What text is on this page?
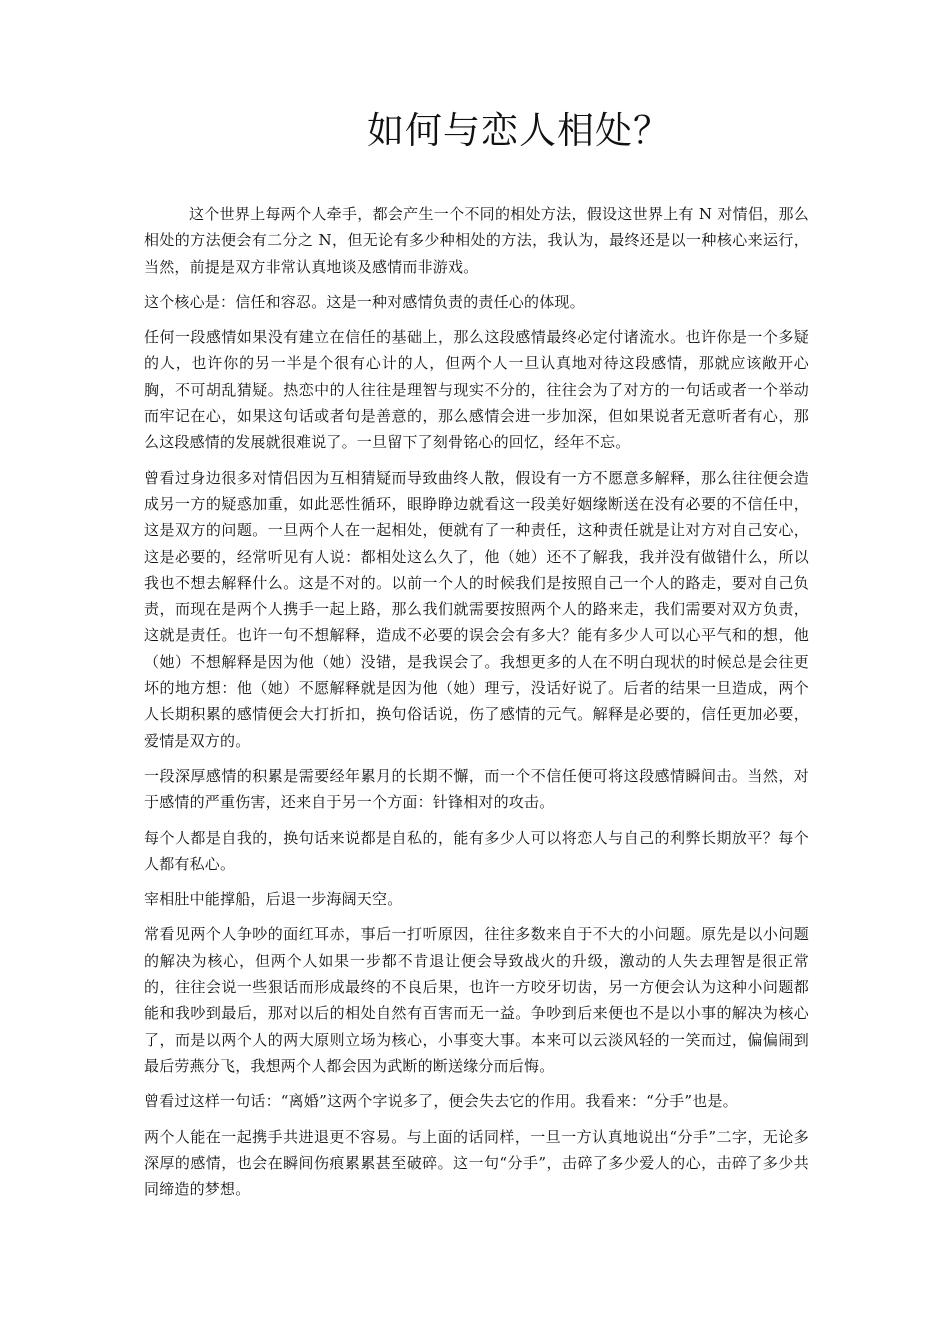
如何与恋人相处？

这个世界上每两个人牵手，都会产生一个不同的相处方法，假设这世界上有 N 对情侣，那么相处的方法便会有二分之 N，但无论有多少种相处的方法，我认为，最终还是以一种核心来运行，当然，前提是双方非常认真地谈及感情而非游戏。

这个核心是：信任和容忍。这是一种对感情负责的责任心的体现。

任何一段感情如果没有建立在信任的基础上，那么这段感情最终必定付诸流水。也许你是一个多疑的人，也许你的另一半是个很有心计的人，但两个人一旦认真地对待这段感情，那就应该敞开心胸，不可胡乱猜疑。热恋中的人往往是理智与现实不分的，往往会为了对方的一句话或者一个举动而牢记在心，如果这句话或者句是善意的，那么感情会进一步加深，但如果说者无意听者有心，那么这段感情的发展就很难说了。一旦留下了刻骨铭心的回忆，经年不忘。

曾看过身边很多对情侣因为互相猜疑而导致曲终人散，假设有一方不愿意多解释，那么往往便会造成另一方的疑惑加重，如此恶性循环，眼睁睁边就看这一段美好姻缘断送在没有必要的不信任中，这是双方的问题。一旦两个人在一起相处，便就有了一种责任，这种责任就是让对方对自己安心，这是必要的，经常听见有人说：都相处这么久了，他（她）还不了解我，我并没有做错什么，所以我也不想去解释什么。这是不对的。以前一个人的时候我们是按照自己一个人的路走，要对自己负责，而现在是两个人携手一起上路，那么我们就需要按照两个人的路来走，我们需要对双方负责，这就是责任。也许一句不想解释，造成不必要的误会会有多大？能有多少人可以心平气和的想，他（她）不想解释是因为他（她）没错，是我误会了。我想更多的人在不明白现状的时候总是会往更坏的地方想：他（她）不愿解释就是因为他（她）理亏，没话好说了。后者的结果一旦造成，两个人长期积累的感情便会大打折扣，换句俗话说，伤了感情的元气。解释是必要的，信任更加必要，爱情是双方的。

一段深厚感情的积累是需要经年累月的长期不懈，而一个不信任便可将这段感情瞬间击。当然，对于感情的严重伤害，还来自于另一个方面：针锋相对的攻击。

每个人都是自我的，换句话来说都是自私的，能有多少人可以将恋人与自己的利弊长期放平？每个人都有私心。

宰相肚中能撑船，后退一步海阔天空。

常看见两个人争吵的面红耳赤，事后一打听原因，往往多数来自于不大的小问题。原先是以小问题的解决为核心，但两个人如果一步都不肯退让便会导致战火的升级，激动的人失去理智是很正常的，往往会说一些狠话而形成最终的不良后果，也许一方咬牙切齿，另一方便会认为这种小问题都能和我吵到最后，那对以后的相处自然有百害而无一益。争吵到后来便也不是以小事的解决为核心了，而是以两个人的两大原则立场为核心，小事变大事。本来可以云淡风轻的一笑而过，偏偏闹到最后劳燕分飞，我想两个人都会因为武断的断送缘分而后悔。

曾看过这样一句话：“离婚”这两个字说多了，便会失去它的作用。我看来：“分手”也是。

两个人能在一起携手共进退更不容易。与上面的话同样，一旦一方认真地说出“分手”二字，无论多深厚的感情，也会在瞬间伤痕累累甚至破碎。这一句“分手”，击碎了多少爱人的心，击碎了多少共同缔造的梦想。
